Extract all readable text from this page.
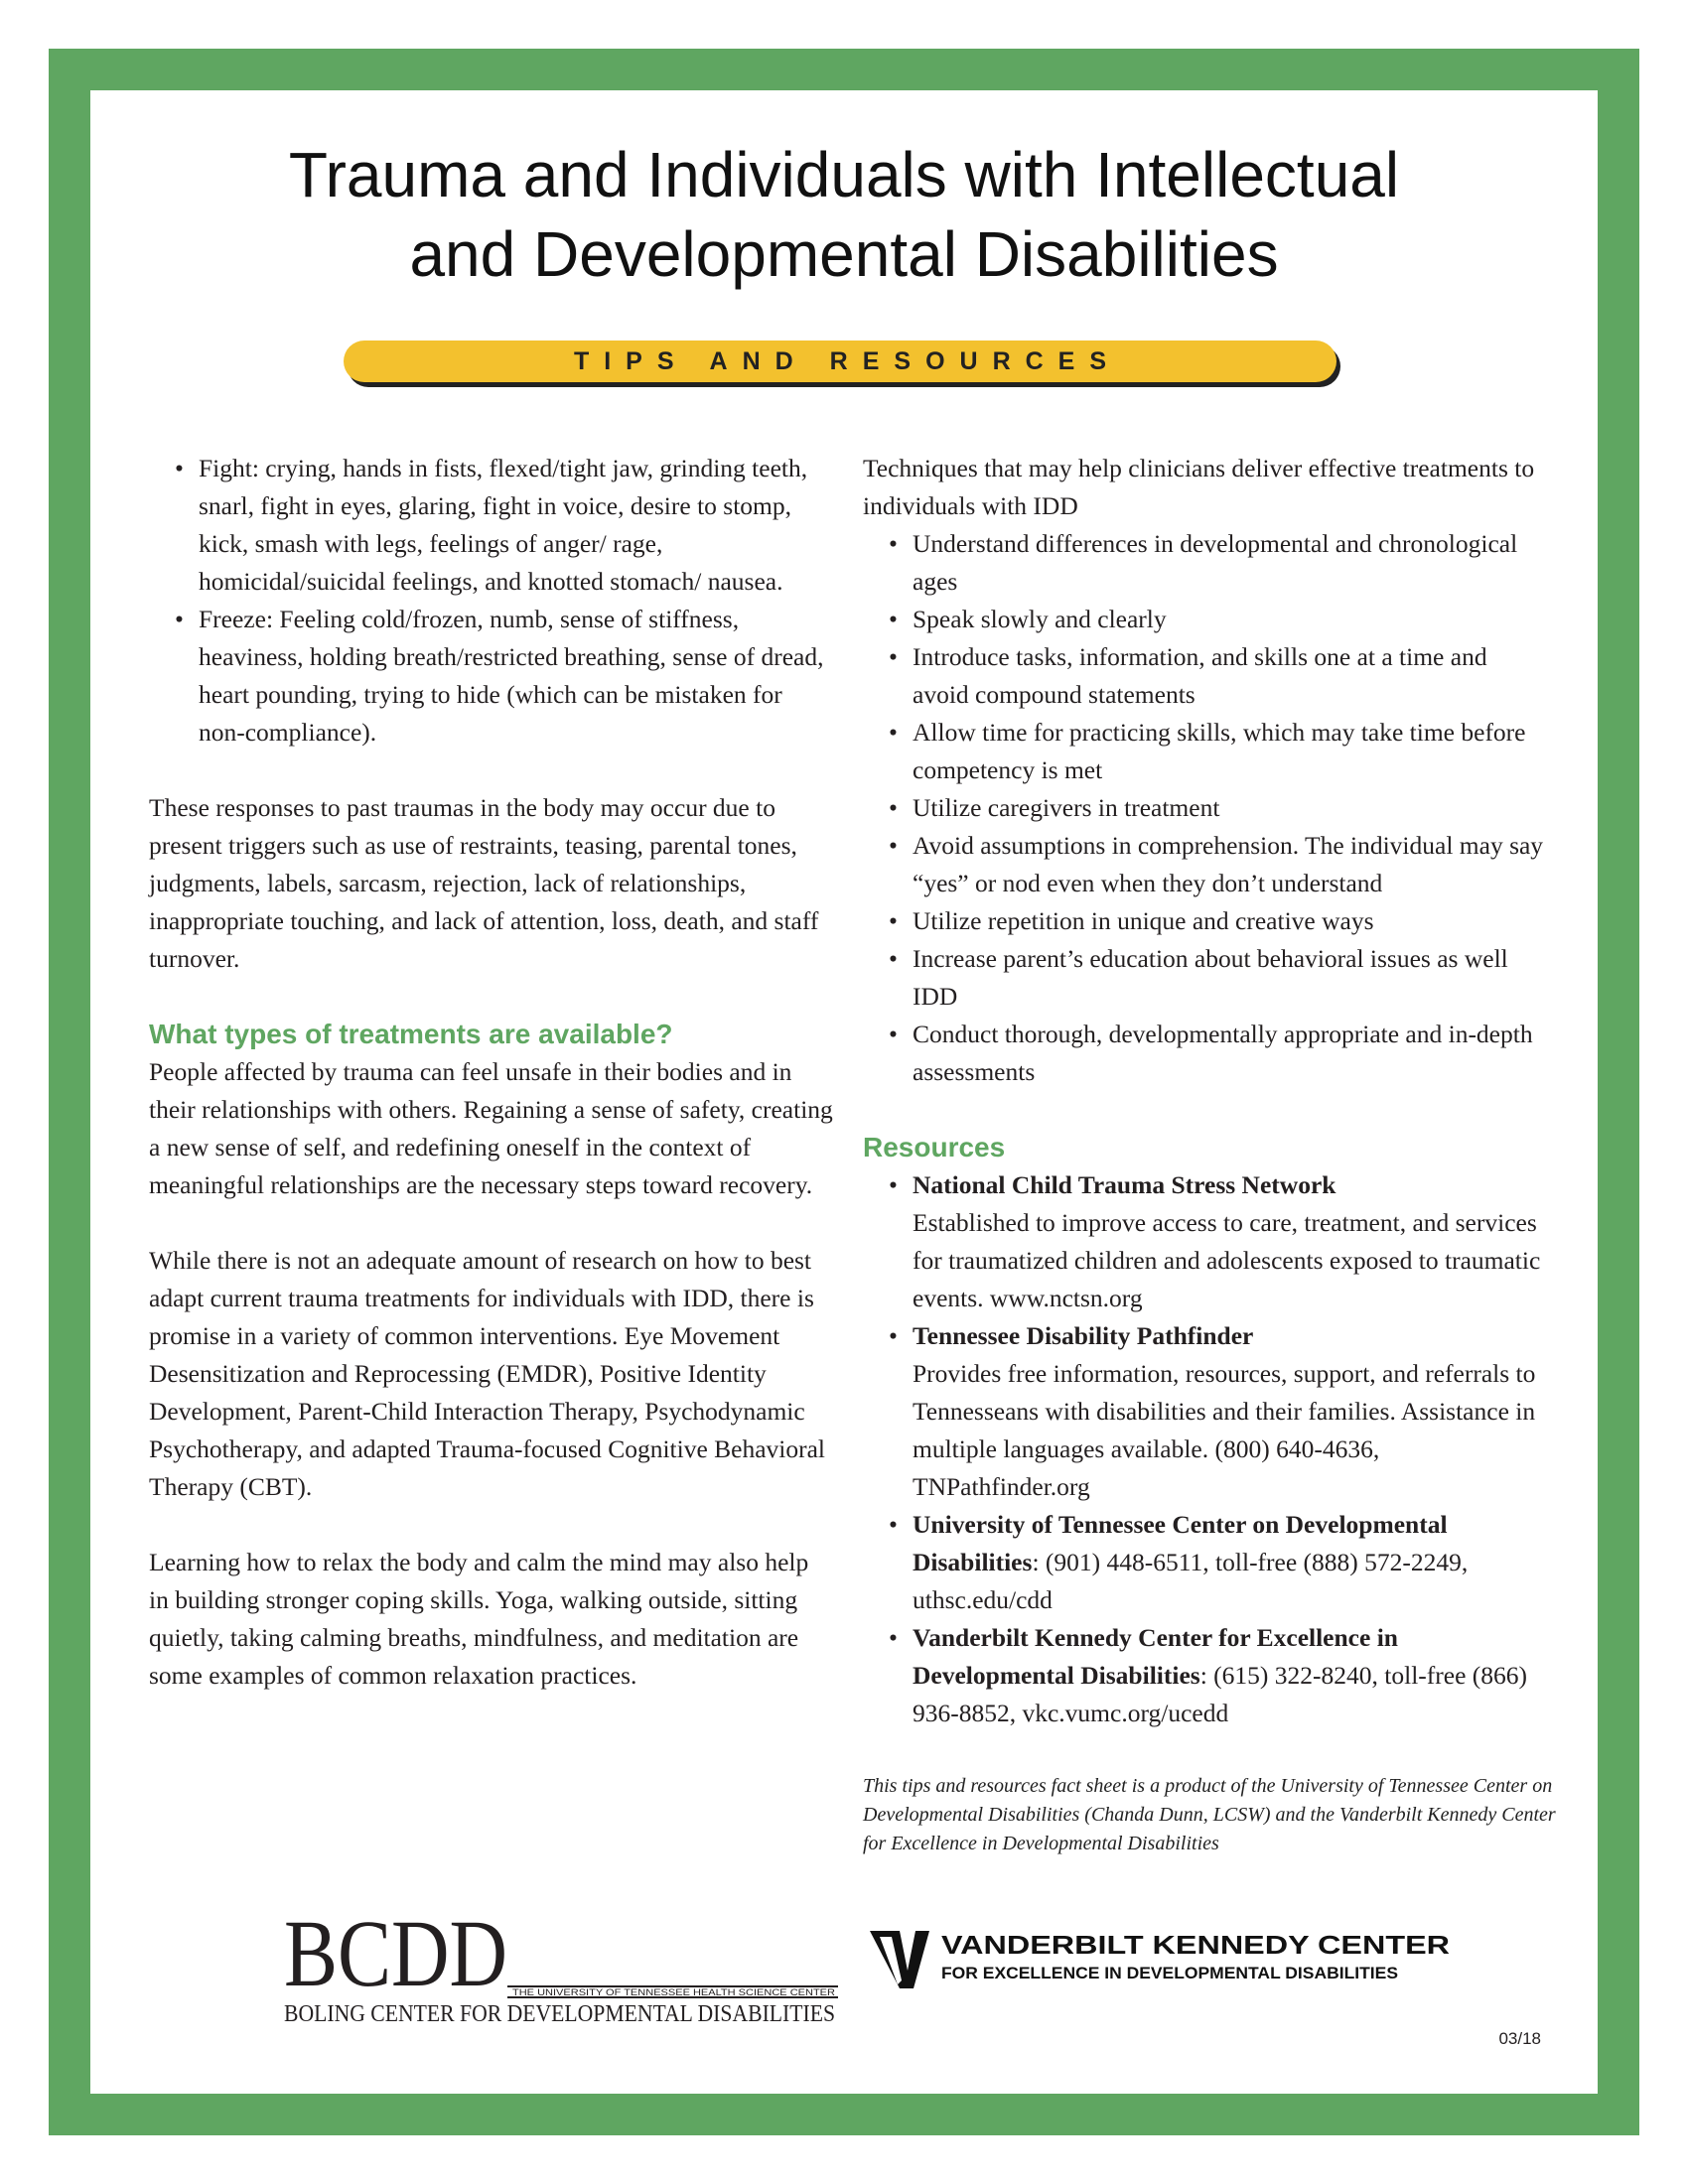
Trauma and Individuals with Intellectual
and Developmental Disabilities
TIPS AND RESOURCES
• Fight: crying, hands in fists, flexed/tight jaw, grinding teeth, snarl, fight in eyes, glaring, fight in voice, desire to stomp, kick, smash with legs, feelings of anger/ rage, homicidal/suicidal feelings, and knotted stomach/ nausea.
• Freeze: Feeling cold/frozen, numb, sense of stiffness, heaviness, holding breath/restricted breathing, sense of dread, heart pounding, trying to hide (which can be mistaken for non-compliance).

These responses to past traumas in the body may occur due to present triggers such as use of restraints, teasing, parental tones, judgments, labels, sarcasm, rejection, lack of relationships, inappropriate touching, and lack of attention, loss, death, and staff turnover.

What types of treatments are available?

People affected by trauma can feel unsafe in their bodies and in their relationships with others. Regaining a sense of safety, creating a new sense of self, and redefining oneself in the context of meaningful relationships are the necessary steps toward recovery.

While there is not an adequate amount of research on how to best adapt current trauma treatments for individuals with IDD, there is promise in a variety of common interventions. Eye Movement Desensitization and Reprocessing (EMDR), Positive Identity Development, Parent-Child Interaction Therapy, Psychodynamic Psychotherapy, and adapted Trauma-focused Cognitive Behavioral Therapy (CBT).

Learning how to relax the body and calm the mind may also help in building stronger coping skills. Yoga, walking outside, sitting quietly, taking calming breaths, mindfulness, and meditation are some examples of common relaxation practices.

Techniques that may help clinicians deliver effective treatments to individuals with IDD

• Understand differences in developmental and chronological ages
• Speak slowly and clearly
• Introduce tasks, information, and skills one at a time and avoid compound statements
• Allow time for practicing skills, which may take time before competency is met
• Utilize caregivers in treatment
• Avoid assumptions in comprehension. The individual may say “yes” or nod even when they don’t understand
• Utilize repetition in unique and creative ways
• Increase parent’s education about behavioral issues as well IDD
• Conduct thorough, developmentally appropriate and in-depth assessments
Resources
• National Child Trauma Stress Network
Established to improve access to care, treatment, and services for traumatized children and adolescents exposed to traumatic events. www.nctsn.org
• Tennessee Disability Pathfinder
Provides free information, resources, support, and referrals to Tennesseans with disabilities and their families. Assistance in multiple languages available. (800) 640-4636, TNPathfinder.org
• University of Tennessee Center on Developmental Disabilities: (901) 448-6511, toll-free (888) 572-2249, uthsc.edu/cdd
• Vanderbilt Kennedy Center for Excellence in Developmental Disabilities: (615) 322-8240, toll-free (866) 936-8852, vkc.vumc.org/ucedd

This tips and resources fact sheet is a product of the University of Tennessee Center on Developmental Disabilities (Chanda Dunn, LCSW) and the Vanderbilt Kennedy Center for Excellence in Developmental Disabilities

BCDD THE UNIVERSITY OF TENNESSEE HEALTH SCIENCE CENTER
BOLING CENTER FOR DEVELOPMENTAL DISABILITIES
VANDERBILT KENNEDY CENTER
FOR EXCELLENCE IN DEVELOPMENTAL DISABILITIES
03/18
